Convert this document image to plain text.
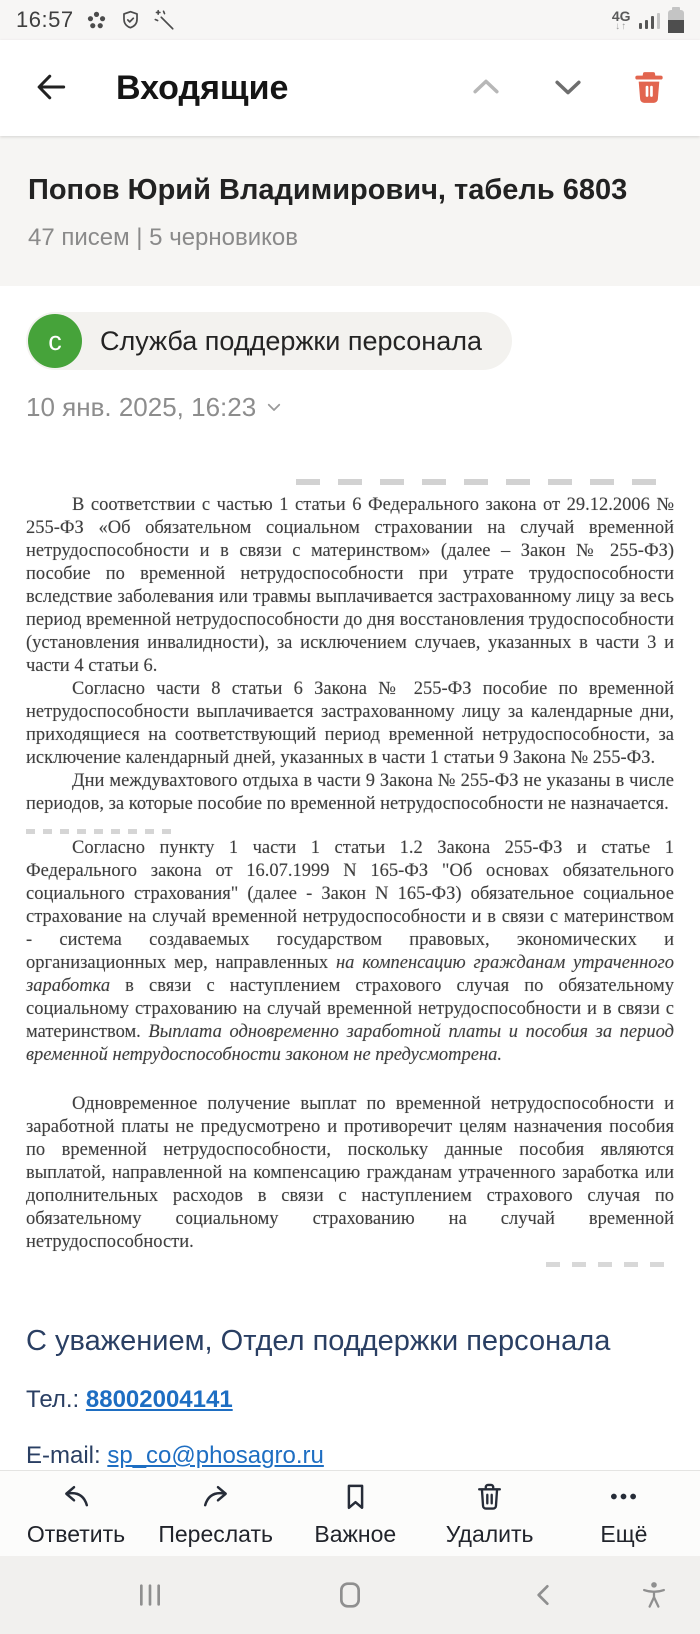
16:57	4G
↓↑
Входящие
Попов Юрий Владимирович, табель 6803
47 писем | 5 черновиков
с	Служба поддержки персонала
10 янв. 2025, 16:23

В соответствии с частью 1 статьи 6 Федерального закона от 29.12.2006 № 255-ФЗ «Об обязательном социальном страховании на случай временной нетрудоспособности и в связи с материнством» (далее – Закон № 255-ФЗ) пособие по временной нетрудоспособности при утрате трудоспособности вследствие заболевания или травмы выплачивается застрахованному лицу за весь период временной нетрудоспособности до дня восстановления трудоспособности (установления инвалидности), за исключением случаев, указанных в части 3 и части 4 статьи 6.

Согласно части 8 статьи 6 Закона № 255-ФЗ пособие по временной нетрудоспособности выплачивается застрахованному лицу за календарные дни, приходящиеся на соответствующий период временной нетрудоспособности, за исключение календарный дней, указанных в части 1 статьи 9 Закона № 255-ФЗ.

Дни междувахтового отдыха в части 9 Закона № 255-ФЗ не указаны в числе периодов, за которые пособие по временной нетрудоспособности не назначается.

Согласно пункту 1 части 1 статьи 1.2 Закона 255-ФЗ и статье 1 Федерального закона от 16.07.1999 N 165-ФЗ "Об основах обязательного социального страхования" (далее - Закон N 165-ФЗ) обязательное социальное страхование на случай временной нетрудоспособности и в связи с материнством - система создаваемых государством правовых, экономических и организационных мер, направленных на компенсацию гражданам утраченного заработка в связи с наступлением страхового случая по обязательному социальному страхованию на случай временной нетрудоспособности и в связи с материнством. Выплата одновременно заработной платы и пособия за период временной нетрудоспособности законом не предусмотрена.

Одновременное получение выплат по временной нетрудоспособности и заработной платы не предусмотрено и противоречит целям назначения пособия по временной нетрудоспособности, поскольку данные пособия являются выплатой, направленной на компенсацию гражданам утраченного заработка или дополнительных расходов в связи с наступлением страхового случая по обязательному социальному страхованию на случай временной нетрудоспособности.

С уважением, Отдел поддержки персонала
Тел.: 88002004141
E-mail: sp_co@phosagro.ru
Ответить Переслать Важное Удалить	Ещё
